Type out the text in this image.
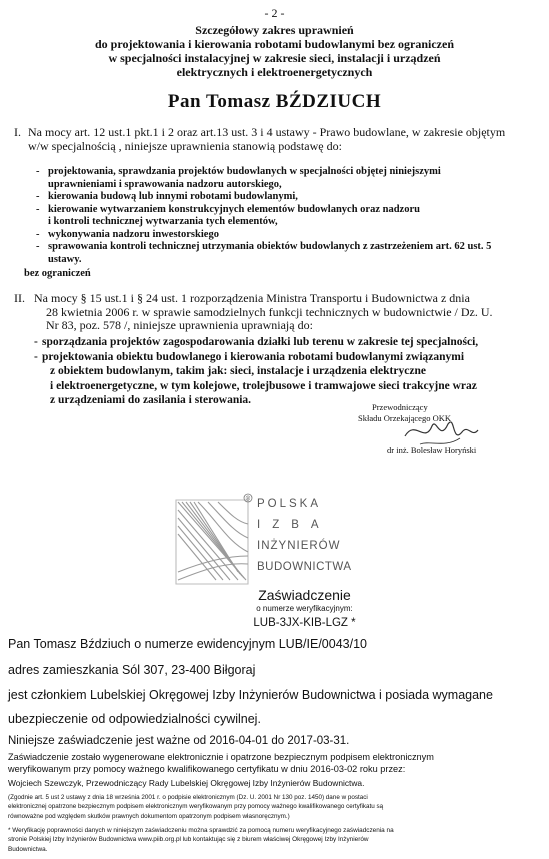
- 2 -
Szczegółowy zakres uprawnień
do projektowania i kierowania robotami budowlanymi bez ograniczeń
w specjalności instalacyjnej w zakresie sieci, instalacji i urządzeń
elektrycznych i elektroenergetycznych
Pan Tomasz BŹDZIUCH
I. Na mocy art. 12 ust.1 pkt.1 i 2 oraz art.13 ust. 3 i 4 ustawy - Prawo budowlane, w zakresie objętym
w/w specjalnością , niniejsze uprawnienia stanowią podstawę do:
- projektowania, sprawdzania projektów budowlanych w specjalności objętej niniejszymi
uprawnieniami i sprawowania nadzoru autorskiego,
- kierowania budową lub innymi robotami budowlanymi,
- kierowanie wytwarzaniem konstrukcyjnych elementów budowlanych oraz nadzoru
i kontroli technicznej wytwarzania tych elementów,
- wykonywania nadzoru inwestorskiego
- sprawowania kontroli technicznej utrzymania obiektów budowlanych z zastrzeżeniem art. 62 ust. 5
ustawy.
bez ograniczeń
II. Na mocy § 15 ust.1 i § 24 ust. 1 rozporządzenia Ministra Transportu i Budownictwa z dnia
28 kwietnia 2006 r. w sprawie samodzielnych funkcji technicznych w budownictwie / Dz. U.
Nr 83, poz. 578 /, niniejsze uprawnienia uprawniają do:
- sporządzania projektów zagospodarowania działki lub terenu w zakresie tej specjalności,
- projektowania obiektu budowlanego i kierowania robotami budowlanymi związanymi
z obiektem budowlanym, takim jak: sieci, instalacje i urządzenia elektryczne
i elektroenergetyczne, w tym kolejowe, trolejbusowe i tramwajowe sieci trakcyjne wraz
z urządzeniami do zasilania i sterowania.
Przewodniczący
Składu Orzekającego OKK
dr inż. Bolesław Horyński
® POLSKA
IZBA
INŻYNIERÓW
BUDOWNICTWA
Zaświadczenie
o numerze weryfikacyjnym:
LUB-3JX-KIB-LGZ *
Pan Tomasz Bździuch o numerze ewidencyjnym LUB/IE/0043/10
adres zamieszkania Sól 307, 23-400 Biłgoraj
jest członkiem Lubelskiej Okręgowej Izby Inżynierów Budownictwa i posiada wymagane
ubezpieczenie od odpowiedzialności cywilnej.
Niniejsze zaświadczenie jest ważne od 2016-04-01 do 2017-03-31.
Zaświadczenie zostało wygenerowane elektronicznie i opatrzone bezpiecznym podpisem elektronicznym
weryfikowanym przy pomocy ważnego kwalifikowanego certyfikatu w dniu 2016-03-02 roku przez:
Wojciech Szewczyk, Przewodniczący Rady Lubelskiej Okręgowej Izby Inżynierów Budownictwa.
(Zgodnie art. 5 ust 2 ustawy z dnia 18 września 2001 r. o podpisie elektronicznym (Dz. U. 2001 Nr 130 poz. 1450) dane w postaci
elektronicznej opatrzone bezpiecznym podpisem elektronicznym weryfikowanym przy pomocy ważnego kwalifikowanego certyfikatu są
równoważne pod względem skutków prawnych dokumentom opatrzonym podpisem własnoręcznym.)
* Weryfikację poprawności danych w niniejszym zaświadczeniu można sprawdzić za pomocą numeru weryfikacyjnego zaświadczenia na
stronie Polskiej Izby Inżynierów Budownictwa www.piib.org.pl lub kontaktując się z biurem właściwej Okręgowej Izby Inżynierów
Budownictwa.
